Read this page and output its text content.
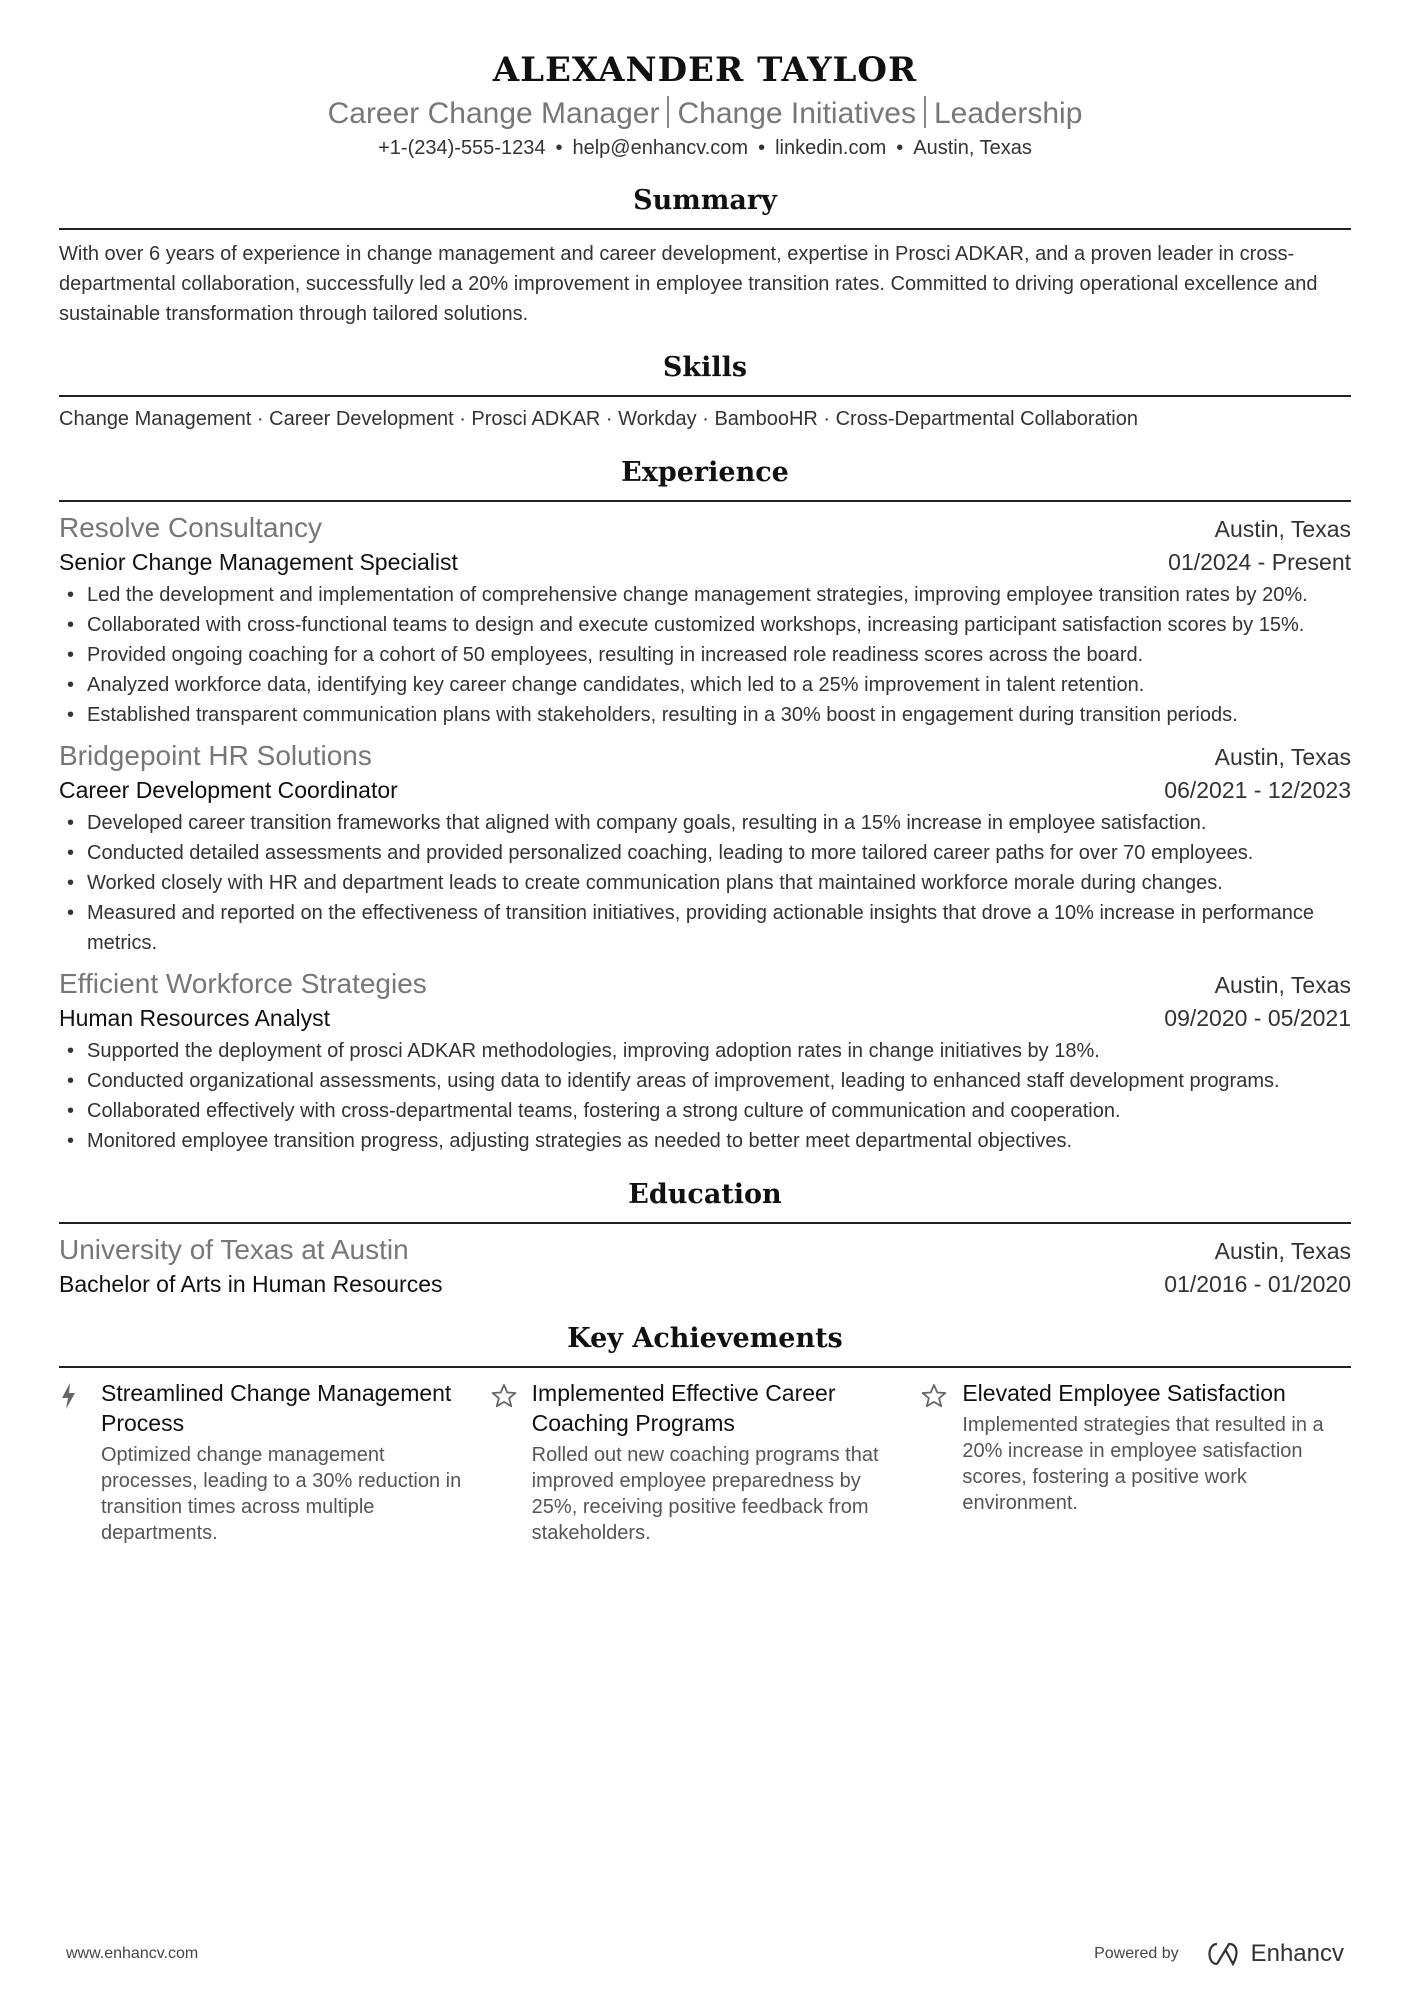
ALEXANDER TAYLOR
Career Change Manager Change Initiatives Leadership
+1-(234)-555-1234 • help@enhancv.com • linkedin.com • Austin, Texas
Summary
With over 6 years of experience in change management and career development, expertise in Prosci ADKAR, and a proven leader in cross-departmental collaboration, successfully led a 20% improvement in employee transition rates. Committed to driving operational excellence and sustainable transformation through tailored solutions.
Skills
Change Management · Career Development · Prosci ADKAR · Workday · BambooHR · Cross-Departmental Collaboration
Experience
Resolve Consultancy	Austin, Texas
Senior Change Management Specialist	01/2024 - Present
• Led the development and implementation of comprehensive change management strategies, improving employee transition rates by 20%.
• Collaborated with cross-functional teams to design and execute customized workshops, increasing participant satisfaction scores by 15%.
• Provided ongoing coaching for a cohort of 50 employees, resulting in increased role readiness scores across the board.
• Analyzed workforce data, identifying key career change candidates, which led to a 25% improvement in talent retention.
• Established transparent communication plans with stakeholders, resulting in a 30% boost in engagement during transition periods.
Bridgepoint HR Solutions	Austin, Texas
Career Development Coordinator	06/2021 - 12/2023
• Developed career transition frameworks that aligned with company goals, resulting in a 15% increase in employee satisfaction.
• Conducted detailed assessments and provided personalized coaching, leading to more tailored career paths for over 70 employees.
• Worked closely with HR and department leads to create communication plans that maintained workforce morale during changes.
• Measured and reported on the effectiveness of transition initiatives, providing actionable insights that drove a 10% increase in performance metrics.
Efficient Workforce Strategies	Austin, Texas
Human Resources Analyst	09/2020 - 05/2021
• Supported the deployment of prosci ADKAR methodologies, improving adoption rates in change initiatives by 18%.
• Conducted organizational assessments, using data to identify areas of improvement, leading to enhanced staff development programs.
• Collaborated effectively with cross-departmental teams, fostering a strong culture of communication and cooperation.
• Monitored employee transition progress, adjusting strategies as needed to better meet departmental objectives.
Education
University of Texas at Austin	Austin, Texas
Bachelor of Arts in Human Resources	01/2016 - 01/2020
Key Achievements
Streamlined Change Management Process
Optimized change management processes, leading to a 30% reduction in transition times across multiple departments.
Implemented Effective Career Coaching Programs
Rolled out new coaching programs that improved employee preparedness by 25%, receiving positive feedback from stakeholders.
Elevated Employee Satisfaction
Implemented strategies that resulted in a 20% increase in employee satisfaction scores, fostering a positive work environment.
www.enhancv.com	Powered by	Enhancv
